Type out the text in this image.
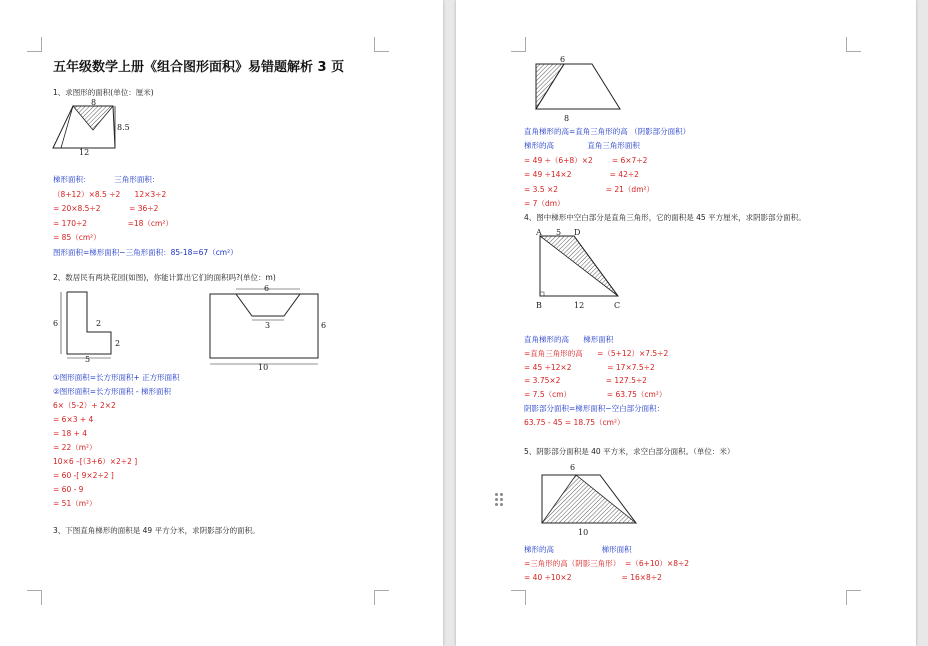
五年级数学上册《组合图形面积》易错题解析 3 页
1、求图形的面积(单位：厘米)
8
8.5
12
梯形面积：          三角形面积：
（8+12）×8.5 ÷2      12×3÷2
= 20×8.5÷2            = 36÷2
= 170÷2                 =18（cm²）
= 85（cm²）
图形面积=梯形面积−三角形面积：85-18=67（cm²）
2、数居民有两块花园(如图)，你能计算出它们的面积吗?(单位：m)
6	2
2
5
6
3	6
10
①图形面积=长方形面积+ 正方形面积
②图形面积=长方形面积 - 梯形面积
6×（5-2）+ 2×2
= 6×3 + 4
= 18 + 4
= 22（m²）
10×6 –[（3+6）×2÷2 ]
= 60 -[ 9×2÷2 ]
= 60 - 9
= 51（m²）
3、下图直角梯形的面积是 49 平方分米，求阴影部分的面积。
6
8
直角梯形的高=直角三角形的高 （阴影部分面积）
梯形的高              直角三角形面积
= 49 ÷（6+8）×2        = 6×7÷2
= 49 ÷14×2                = 42÷2
= 3.5 ×2                    = 21（dm²）
= 7（dm）
4、图中梯形中空白部分是直角三角形，它的面积是 45 平方厘米，求阴影部分面积。
A 5 D
B	12	C
直角梯形的高      梯形面积
=直角三角形的高      =（5+12）×7.5÷2
= 45 ÷12×2               = 17×7.5÷2
= 3.75×2                   = 127.5÷2
= 7.5（cm）               = 63.75（cm²）
阴影部分面积=梯形面积−空白部分面积：
63.75 - 45 = 18.75（cm²）
5、阴影部分面积是 40 平方米，求空白部分面积。（单位：米）
6
10
梯形的高                    梯形面积
=三角形的高（阴影三角形）  =（6+10）×8÷2
= 40 ÷10×2                     = 16×8÷2
